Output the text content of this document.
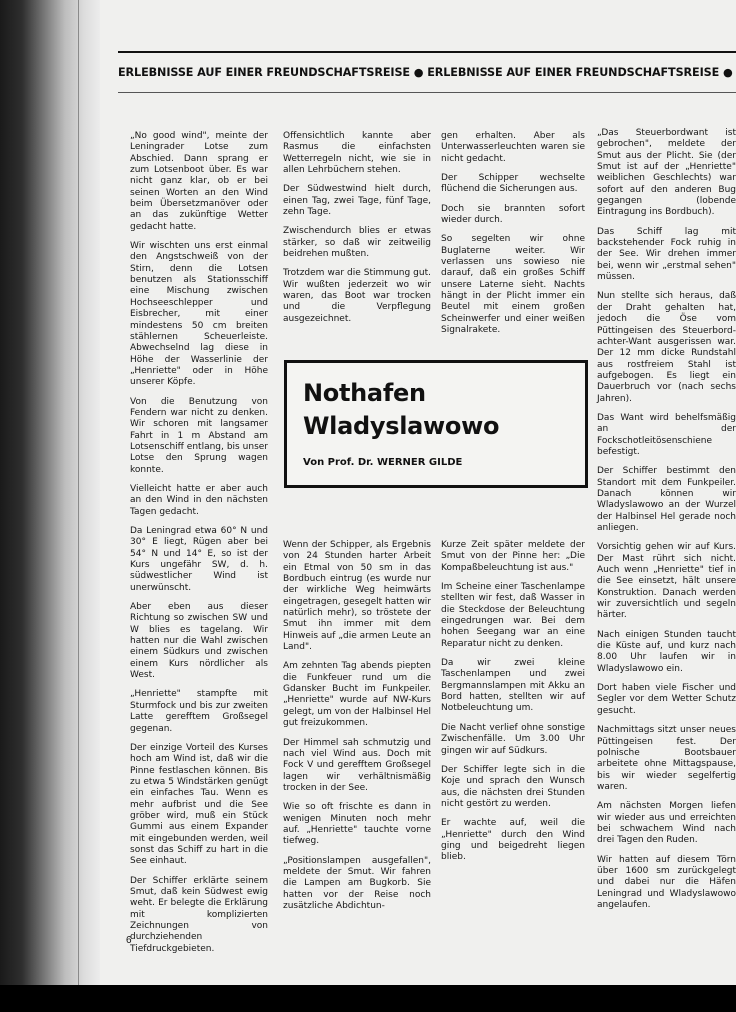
ERLEBNISSE AUF EINER FREUNDSCHAFTSREISE ● ERLEBNISSE AUF EINER FREUNDSCHAFTSREISE ●

„No good wind", meinte der Leningrader Lotse zum Abschied. Dann sprang er zum Lotsenboot über. Es war nicht ganz klar, ob er bei seinen Worten an den Wind beim Übersetzmanöver oder an das zukünftige Wetter gedacht hatte.

Wir wischten uns erst einmal den Angstschweiß von der Stirn, denn die Lotsen benutzen als Stationsschiff eine Mischung zwischen Hochseeschlepper und Eisbrecher, mit einer mindestens 50 cm breiten stählernen Scheuerleiste. Abwechselnd lag diese in Höhe der Wasserlinie der „Henriette" oder in Höhe unserer Köpfe.

Von die Benutzung von Fendern war nicht zu denken. Wir schoren mit langsamer Fahrt in 1 m Abstand am Lotsenschiff entlang, bis unser Lotse den Sprung wagen konnte.

Vielleicht hatte er aber auch an den Wind in den nächsten Tagen gedacht.

Da Leningrad etwa 60° N und 30° E liegt, Rügen aber bei 54° N und 14° E, so ist der Kurs ungefähr SW, d. h. südwestlicher Wind ist unerwünscht.

Aber eben aus dieser Richtung so zwischen SW und W blies es tagelang. Wir hatten nur die Wahl zwischen einem Südkurs und zwischen einem Kurs nördlicher als West.

„Henriette" stampfte mit Sturmfock und bis zur zweiten Latte gerefftem Großsegel gegenan.

Der einzige Vorteil des Kurses hoch am Wind ist, daß wir die Pinne festlaschen können. Bis zu etwa 5 Windstärken genügt ein einfaches Tau. Wenn es mehr aufbrist und die See gröber wird, muß ein Stück Gummi aus einem Expander mit eingebunden werden, weil sonst das Schiff zu hart in die See einhaut.

Der Schiffer erklärte seinem Smut, daß kein Südwest ewig weht. Er belegte die Erklärung mit komplizierten Zeichnungen von durchziehenden Tiefdruckgebieten.

Offensichtlich kannte aber Rasmus die einfachsten Wetterregeln nicht, wie sie in allen Lehrbüchern stehen.

Der Südwestwind hielt durch, einen Tag, zwei Tage, fünf Tage, zehn Tage.

Zwischendurch blies er etwas stärker, so daß wir zeitweilig beidrehen mußten.

Trotzdem war die Stimmung gut. Wir wußten jederzeit wo wir waren, das Boot war trocken und die Verpflegung ausgezeichnet.

gen erhalten. Aber als Unterwasserleuchten waren sie nicht gedacht.

Der Schipper wechselte flüchend die Sicherungen aus.

Doch sie brannten sofort wieder durch.

So segelten wir ohne Buglaterne weiter. Wir verlassen uns sowieso nie darauf, daß ein großes Schiff unsere Laterne sieht. Nachts hängt in der Plicht immer ein Beutel mit einem großen Scheinwerfer und einer weißen Signalrakete.

„Das Steuerbordwant ist gebrochen", meldete der Smut aus der Plicht. Sie (der Smut ist auf der „Henriette" weiblichen Geschlechts) war sofort auf den anderen Bug gegangen (lobende Eintragung ins Bordbuch).

Das Schiff lag mit backstehender Fock ruhig in der See. Wir drehen immer bei, wenn wir „erstmal sehen" müssen.

Nun stellte sich heraus, daß der Draht gehalten hat, jedoch die Öse vom Püttingeisen des Steuerbord-achter-Want ausgerissen war. Der 12 mm dicke Rundstahl aus rostfreiem Stahl ist aufgebogen. Es liegt ein Dauerbruch vor (nach sechs Jahren).

Das Want wird behelfsmäßig an der Fockschotleitösenschiene befestigt.

Der Schiffer bestimmt den Standort mit dem Funkpeiler. Danach können wir Wladyslawowo an der Wurzel der Halbinsel Hel gerade noch anliegen.

Vorsichtig gehen wir auf Kurs. Der Mast rührt sich nicht. Auch wenn „Henriette" tief in die See einsetzt, hält unsere Konstruktion. Danach werden wir zuversichtlich und segeln härter.

Nach einigen Stunden taucht die Küste auf, und kurz nach 8.00 Uhr laufen wir in Wladyslawowo ein.

Dort haben viele Fischer und Segler vor dem Wetter Schutz gesucht.

Nachmittags sitzt unser neues Püttingeisen fest. Der polnische Bootsbauer arbeitete ohne Mittagspause, bis wir wieder segelfertig waren.

Am nächsten Morgen liefen wir wieder aus und erreichten bei schwachem Wind nach drei Tagen den Ruden.

Wir hatten auf diesem Törn über 1600 sm zurückgelegt und dabei nur die Häfen Leningrad und Wladyslawowo angelaufen.

Nothafen
Wladyslawowo
Von Prof. Dr. WERNER GILDE

Wenn der Schipper, als Ergebnis von 24 Stunden harter Arbeit ein Etmal von 50 sm in das Bordbuch eintrug (es wurde nur der wirkliche Weg heimwärts eingetragen, gesegelt hatten wir natürlich mehr), so tröstete der Smut ihn immer mit dem Hinweis auf „die armen Leute an Land".

Am zehnten Tag abends piepten die Funkfeuer rund um die Gdansker Bucht im Funkpeiler. „Henriette" wurde auf NW-Kurs gelegt, um von der Halbinsel Hel gut freizukommen.

Der Himmel sah schmutzig und nach viel Wind aus. Doch mit Fock V und gerefftem Großsegel lagen wir verhältnismäßig trocken in der See.

Wie so oft frischte es dann in wenigen Minuten noch mehr auf. „Henriette" tauchte vorne tiefweg.

„Positionslampen ausgefallen", meldete der Smut. Wir fahren die Lampen am Bugkorb. Sie hatten vor der Reise noch zusätzliche Abdichtun-

Kurze Zeit später meldete der Smut von der Pinne her: „Die Kompaßbeleuchtung ist aus."

Im Scheine einer Taschenlampe stellten wir fest, daß Wasser in die Steckdose der Beleuchtung eingedrungen war. Bei dem hohen Seegang war an eine Reparatur nicht zu denken.

Da wir zwei kleine Taschenlampen und zwei Bergmannslampen mit Akku an Bord hatten, stellten wir auf Notbeleuchtung um.

Die Nacht verlief ohne sonstige Zwischenfälle. Um 3.00 Uhr gingen wir auf Südkurs.

Der Schiffer legte sich in die Koje und sprach den Wunsch aus, die nächsten drei Stunden nicht gestört zu werden.

Er wachte auf, weil die „Henriette" durch den Wind ging und beigedreht liegen blieb.

6
